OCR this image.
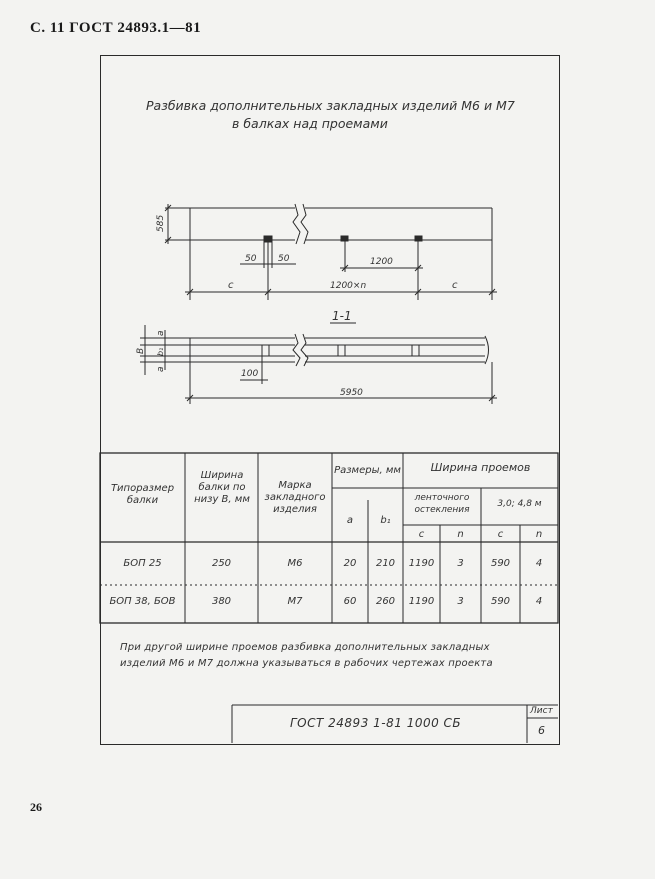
С. 11 ГОСТ 24893.1—81
Разбивка дополнительных закладных изделий М6 и М7
в балках над проемами
585
50 50	1200
c	1200×n	c
1-1
a
B b₁
a	100
5950
Типоразмер балки
Ширина балки по низу B, мм
Марка закладного изделия
Размеры, мм
a	b₁
Ширина проемов
ленточного остекления
3,0; 4,8 м
c	n	c	n
БОП 25	250	М6	20	210	1190	3	590	4
БОП 38, БОВ	380	М7	60	260	1190	3	590	4
При другой ширине проемов разбивка дополнительных закладных
изделий М6 и М7 должна указываться в рабочих чертежах проекта
ГОСТ 24893 1-81 1000 СБ
Лист
6
26
